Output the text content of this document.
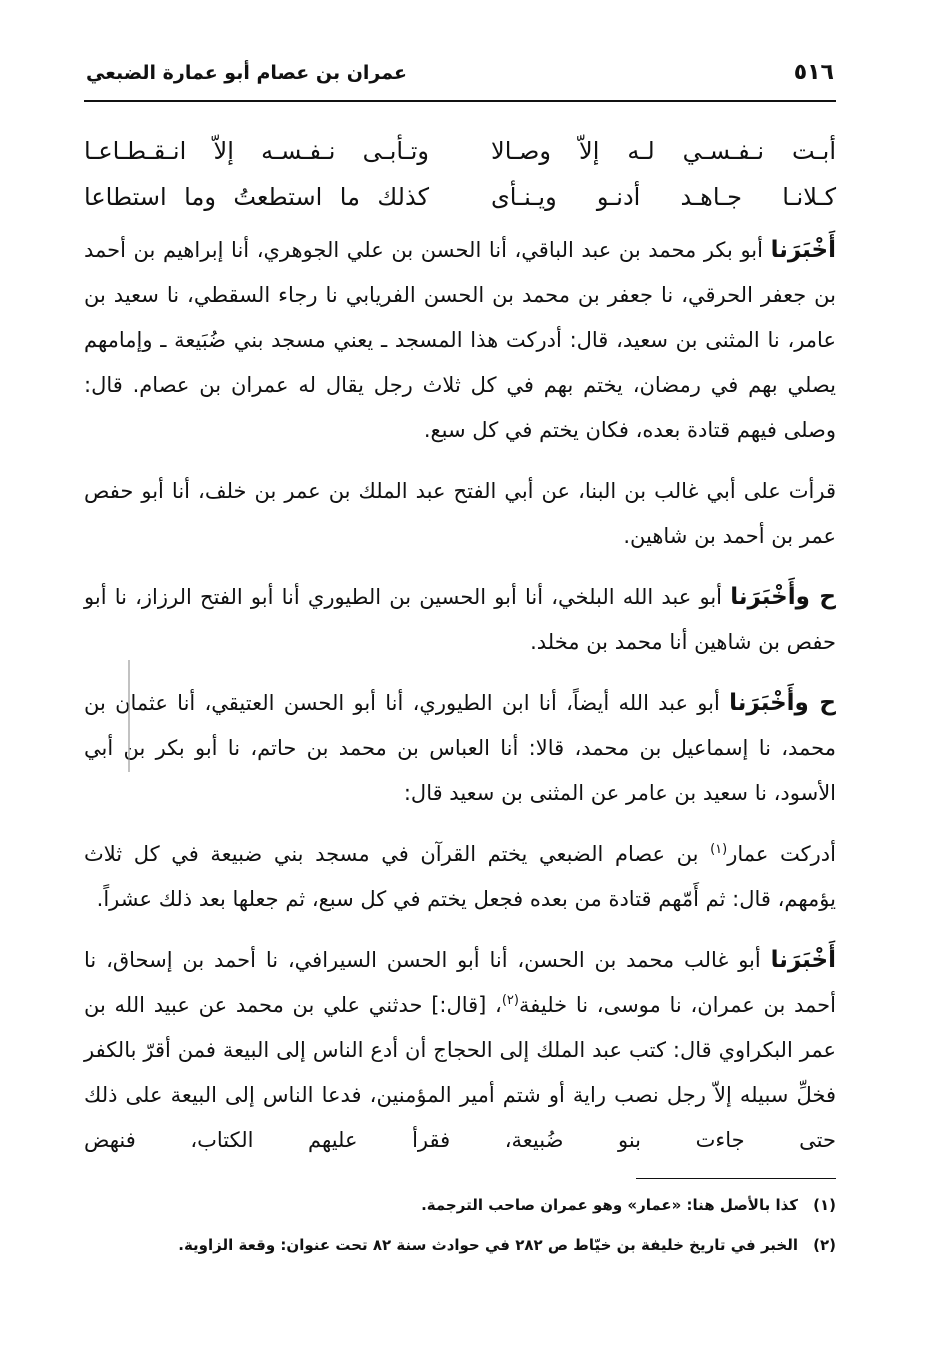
٥١٦
عمران بن عصام أبو عمارة الضبعي
أبـت نـفـسـي لـه إلاّ وصـالا
وتـأبـى نـفـسـه إلاّ انـقـطـاعـا
كـلانـا جـاهـد أدنـو ويـنـأى
كذلك ما استطعتُ وما استطاعا

أَخْبَرَنا أبو بكر محمد بن عبد الباقي، أنا الحسن بن علي الجوهري، أنا إبراهيم بن أحمد بن جعفر الحرقي، نا جعفر بن محمد بن الحسن الفريابي نا رجاء السقطي، نا سعيد بن عامر، نا المثنى بن سعيد، قال: أدركت هذا المسجد ـ يعني مسجد بني ضُبَيعة ـ وإمامهم يصلي بهم في رمضان، يختم بهم في كل ثلاث رجل يقال له عمران بن عصام. قال: وصلى فيهم قتادة بعده، فكان يختم في كل سبع.

قرأت على أبي غالب بن البنا، عن أبي الفتح عبد الملك بن عمر بن خلف، أنا أبو حفص عمر بن أحمد بن شاهين.

ح وأَخْبَرَنا أبو عبد الله البلخي، أنا أبو الحسين بن الطيوري أنا أبو الفتح الرزاز، نا أبو حفص بن شاهين أنا محمد بن مخلد.

ح وأَخْبَرَنا أبو عبد الله أيضاً، أنا ابن الطيوري، أنا أبو الحسن العتيقي، أنا عثمان بن محمد، نا إسماعيل بن محمد، قالا: أنا العباس بن محمد بن حاتم، نا أبو بكر بن أبي الأسود، نا سعيد بن عامر عن المثنى بن سعيد قال:

أدركت عمار$^{(١)}$ بن عصام الضبعي يختم القرآن في مسجد بني ضبيعة في كل ثلاث يؤمهم، قال: ثم أَمّهم قتادة من بعده فجعل يختم في كل سبع، ثم جعلها بعد ذلك عشراً.

أَخْبَرَنا أبو غالب محمد بن الحسن، أنا أبو الحسن السيرافي، نا أحمد بن إسحاق، نا أحمد بن عمران، نا موسى، نا خليفة$^{(٢)}$، [قال:] حدثني علي بن محمد عن عبيد الله بن عمر البكراوي قال: كتب عبد الملك إلى الحجاج أن أدع الناس إلى البيعة فمن أقرّ بالكفر فخلِّ سبيله إلاّ رجل نصب راية أو شتم أمير المؤمنين، فدعا الناس إلى البيعة على ذلك حتى جاءت بنو ضُبيعة، فقرأ عليهم الكتاب، فنهض

(١)كذا بالأصل هنا: «عمار» وهو عمران صاحب الترجمة.
(٢)الخبر في تاريخ خليفة بن خيّاط ص ٢٨٢ في حوادث سنة ٨٢ تحت عنوان: وقعة الزاوية.
